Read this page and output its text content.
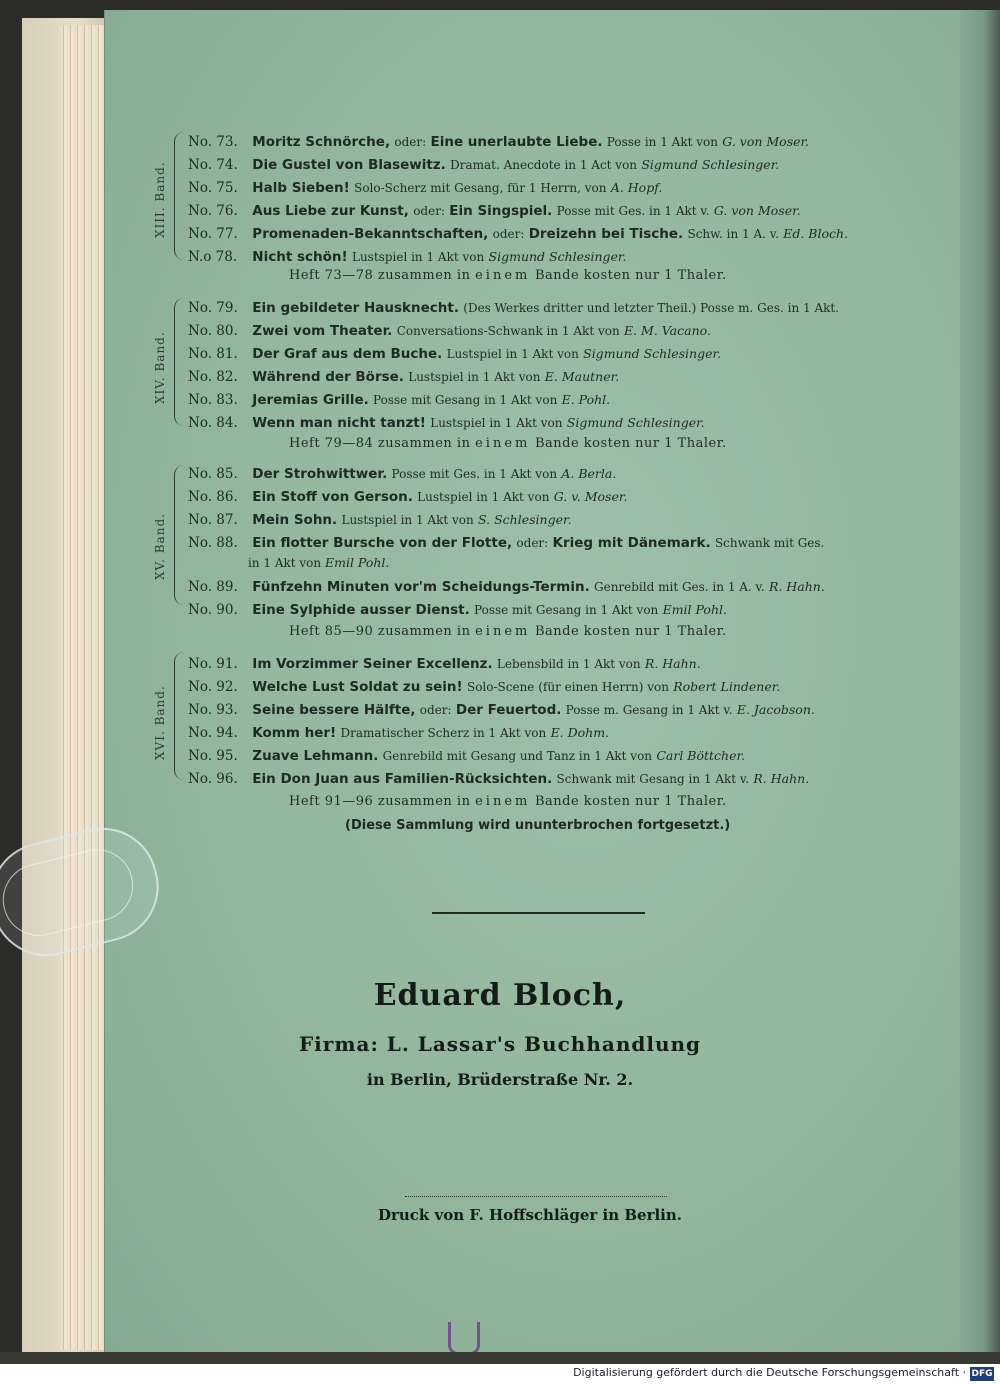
XIII. Band.
No. 73. Moritz Schnörche, oder: Eine unerlaubte Liebe. Posse in 1 Akt von G. von Moser.
No. 74. Die Gustel von Blasewitz. Dramat. Anecdote in 1 Act von Sigmund Schlesinger.
No. 75. Halb Sieben! Solo-Scherz mit Gesang, für 1 Herrn, von A. Hopf.
No. 76. Aus Liebe zur Kunst, oder: Ein Singspiel. Posse mit Ges. in 1 Akt v. G. von Moser.
No. 77. Promenaden-Bekanntschaften, oder: Dreizehn bei Tische. Schw. in 1 A. v. Ed. Bloch.
N.o 78. Nicht schön! Lustspiel in 1 Akt von Sigmund Schlesinger.
Heft 73—78 zusammen in einem Bande kosten nur 1 Thaler.
XIV. Band.
No. 79. Ein gebildeter Hausknecht. (Des Werkes dritter und letzter Theil.) Posse m. Ges. in 1 Akt.
No. 80. Zwei vom Theater. Conversations-Schwank in 1 Akt von E. M. Vacano.
No. 81. Der Graf aus dem Buche. Lustspiel in 1 Akt von Sigmund Schlesinger.
No. 82. Während der Börse. Lustspiel in 1 Akt von E. Mautner.
No. 83. Jeremias Grille. Posse mit Gesang in 1 Akt von E. Pohl.
No. 84. Wenn man nicht tanzt! Lustspiel in 1 Akt von Sigmund Schlesinger.
Heft 79—84 zusammen in einem Bande kosten nur 1 Thaler.
XV. Band.
No. 85. Der Strohwittwer. Posse mit Ges. in 1 Akt von A. Berla.
No. 86. Ein Stoff von Gerson. Lustspiel in 1 Akt von G. v. Moser.
No. 87. Mein Sohn. Lustspiel in 1 Akt von S. Schlesinger.
No. 88. Ein flotter Bursche von der Flotte, oder: Krieg mit Dänemark. Schwank mit Ges.
in 1 Akt von Emil Pohl.
No. 89. Fünfzehn Minuten vor'm Scheidungs-Termin. Genrebild mit Ges. in 1 A. v. R. Hahn.
No. 90. Eine Sylphide ausser Dienst. Posse mit Gesang in 1 Akt von Emil Pohl.
Heft 85—90 zusammen in einem Bande kosten nur 1 Thaler.
XVI. Band.
No. 91. Im Vorzimmer Seiner Excellenz. Lebensbild in 1 Akt von R. Hahn.
No. 92. Welche Lust Soldat zu sein! Solo-Scene (für einen Herrn) von Robert Lindener.
No. 93. Seine bessere Hälfte, oder: Der Feuertod. Posse m. Gesang in 1 Akt v. E. Jacobson.
No. 94. Komm her! Dramatischer Scherz in 1 Akt von E. Dohm.
No. 95. Zuave Lehmann. Genrebild mit Gesang und Tanz in 1 Akt von Carl Böttcher.
No. 96. Ein Don Juan aus Familien-Rücksichten. Schwank mit Gesang in 1 Akt v. R. Hahn.
Heft 91—96 zusammen in einem Bande kosten nur 1 Thaler.
(Diese Sammlung wird ununterbrochen fortgesetzt.)
Eduard Bloch,
Firma: L. Lassar's Buchhandlung
in Berlin, Brüderstraße Nr. 2.
Druck von F. Hoffschläger in Berlin.
Digitalisierung gefördert durch die Deutsche Forschungsgemeinschaft · DFG
